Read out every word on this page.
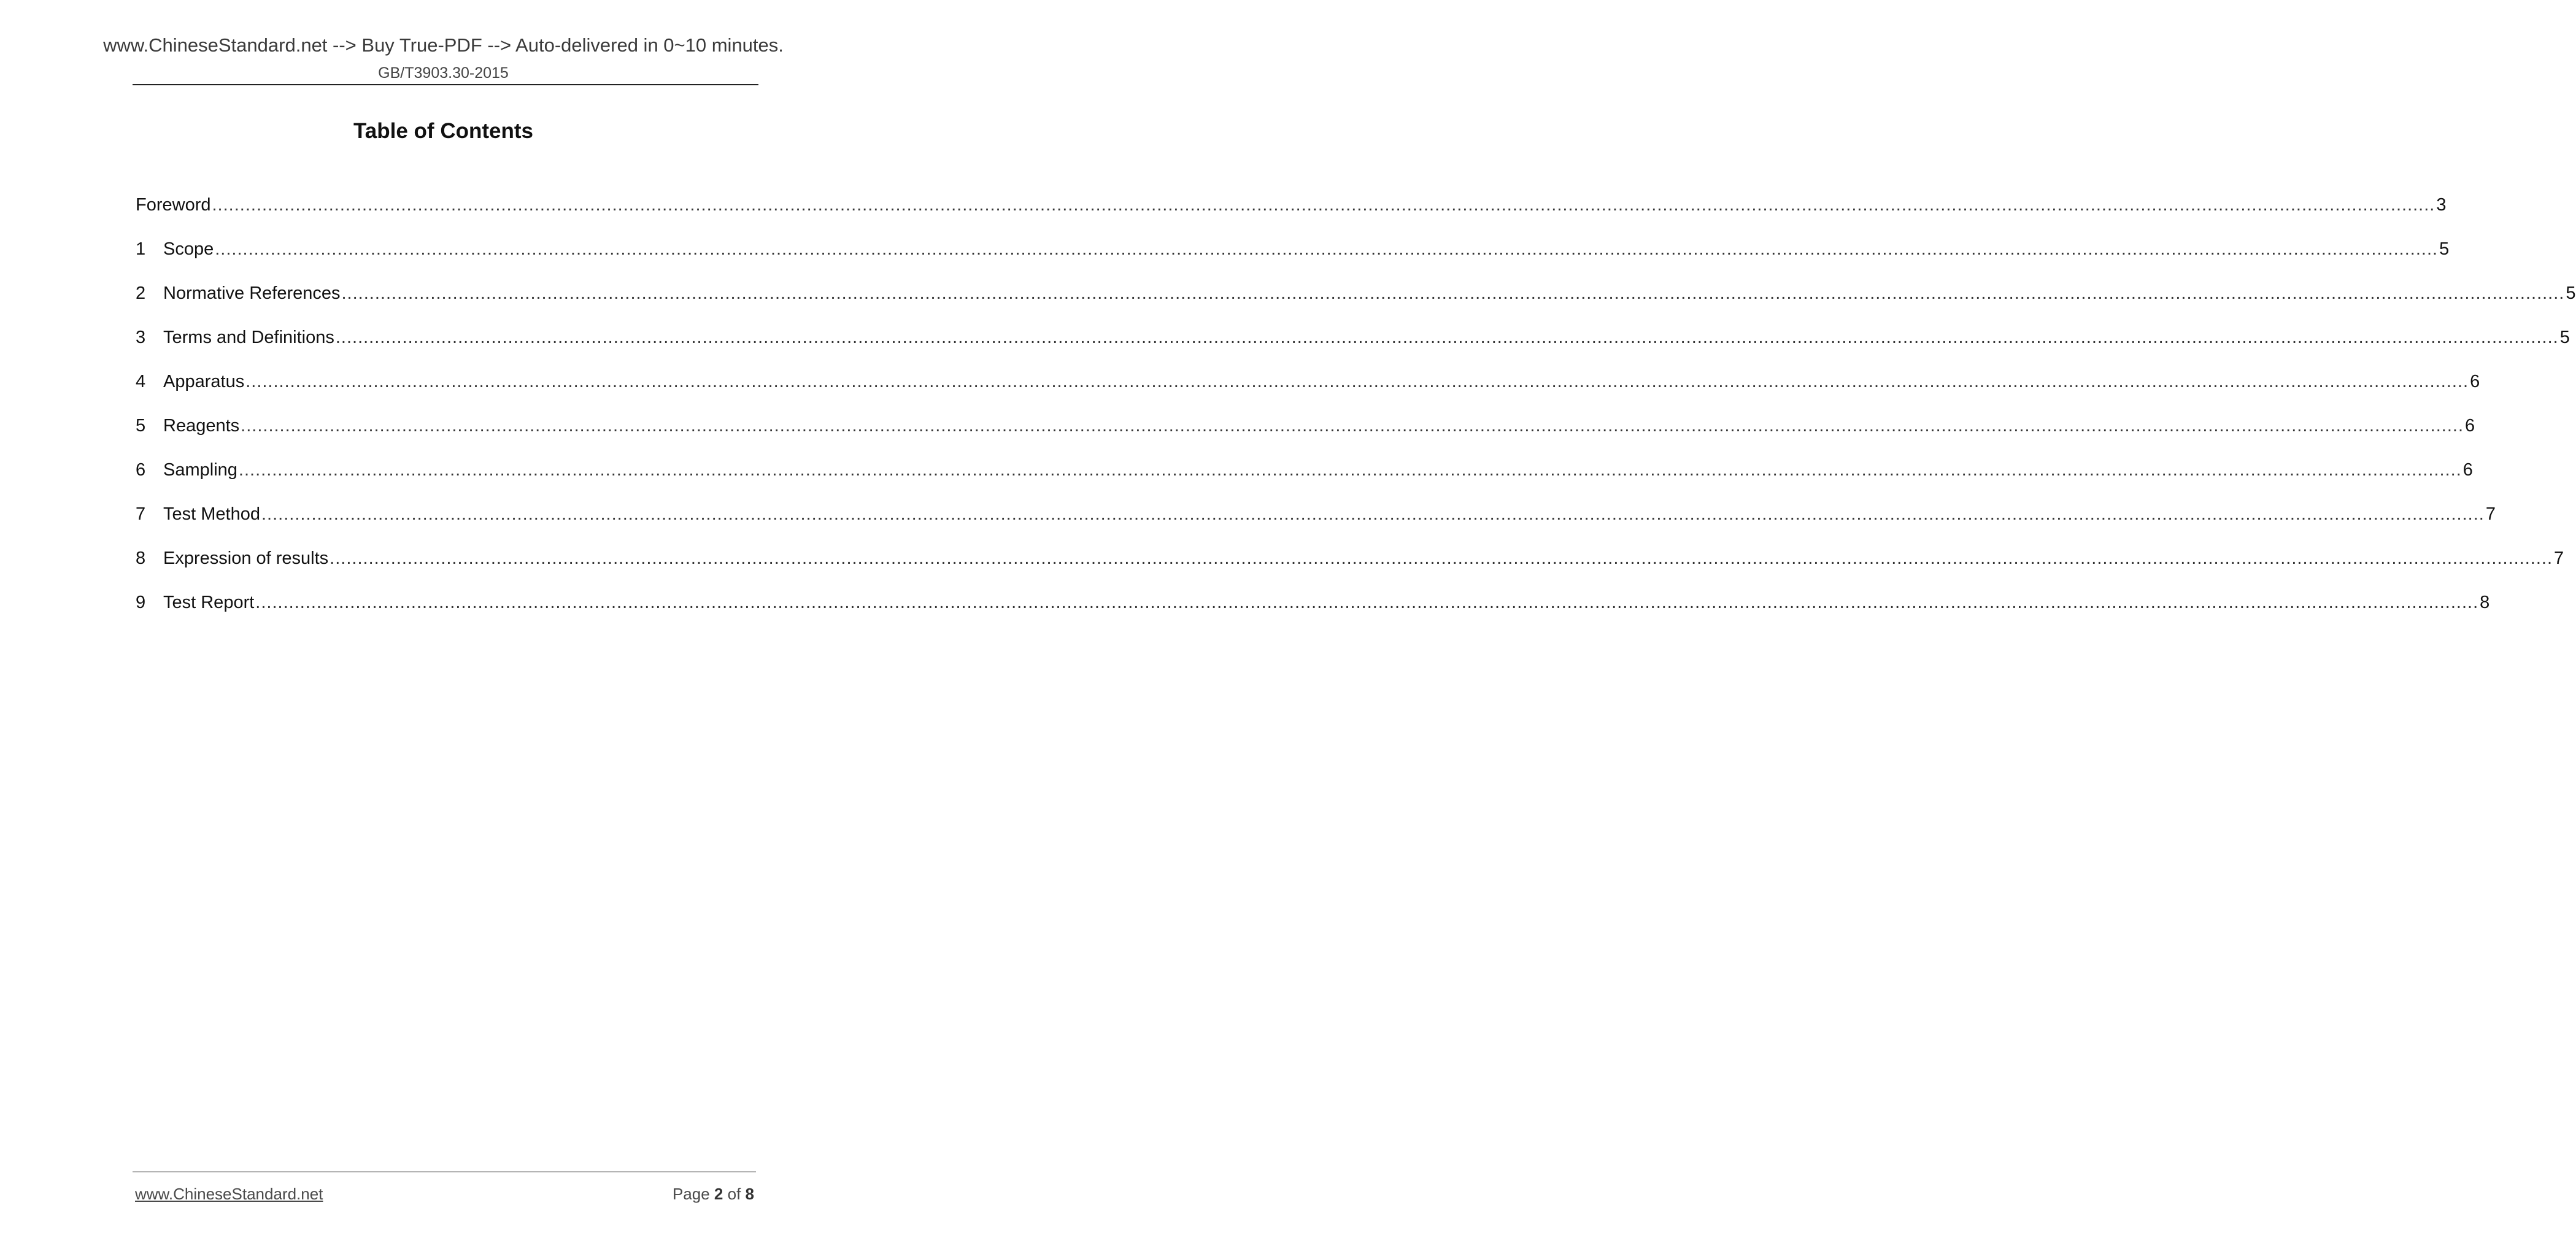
www.ChineseStandard.net --> Buy True-PDF --> Auto-delivered in 0~10 minutes.
GB/T3903.30-2015
Table of Contents
Foreword ................................................................................................................................................................................................................................................................................................................................................................................................................ 3
1 Scope ................................................................................................................................................................................................................................................................................................................................................................................................................ 5
2 Normative References ................................................................................................................................................................................................................................................................................................................................................................................................................ 5
3 Terms and Definitions ................................................................................................................................................................................................................................................................................................................................................................................................................ 5
4 Apparatus ................................................................................................................................................................................................................................................................................................................................................................................................................ 6
5 Reagents ................................................................................................................................................................................................................................................................................................................................................................................................................ 6
6 Sampling ................................................................................................................................................................................................................................................................................................................................................................................................................ 6
7 Test Method ................................................................................................................................................................................................................................................................................................................................................................................................................ 7
8 Expression of results ................................................................................................................................................................................................................................................................................................................................................................................................................ 7
9 Test Report ................................................................................................................................................................................................................................................................................................................................................................................................................ 8
www.ChineseStandard.net	Page 2 of 8
